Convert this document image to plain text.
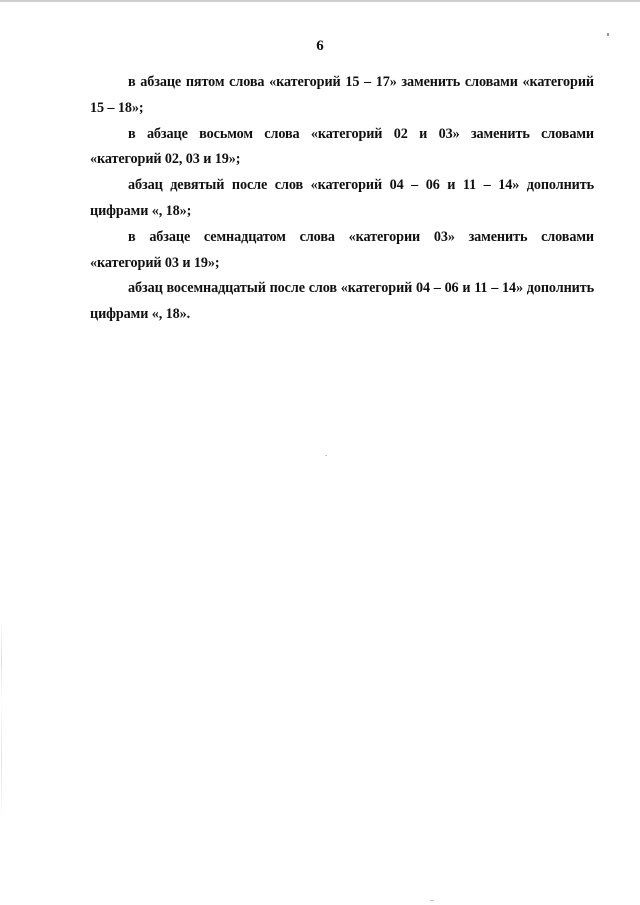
6

в абзаце пятом слова «категорий 15 – 17» заменить словами «категорий 15 – 18»;

в абзаце восьмом слова «категорий 02 и 03» заменить словами «категорий 02, 03 и 19»;

абзац девятый после слов «категорий 04 – 06 и 11 – 14» дополнить цифрами «, 18»;

в абзаце семнадцатом слова «категории 03» заменить словами «категорий 03 и 19»;

абзац восемнадцатый после слов «категорий 04 – 06 и 11 – 14» дополнить цифрами «, 18».
